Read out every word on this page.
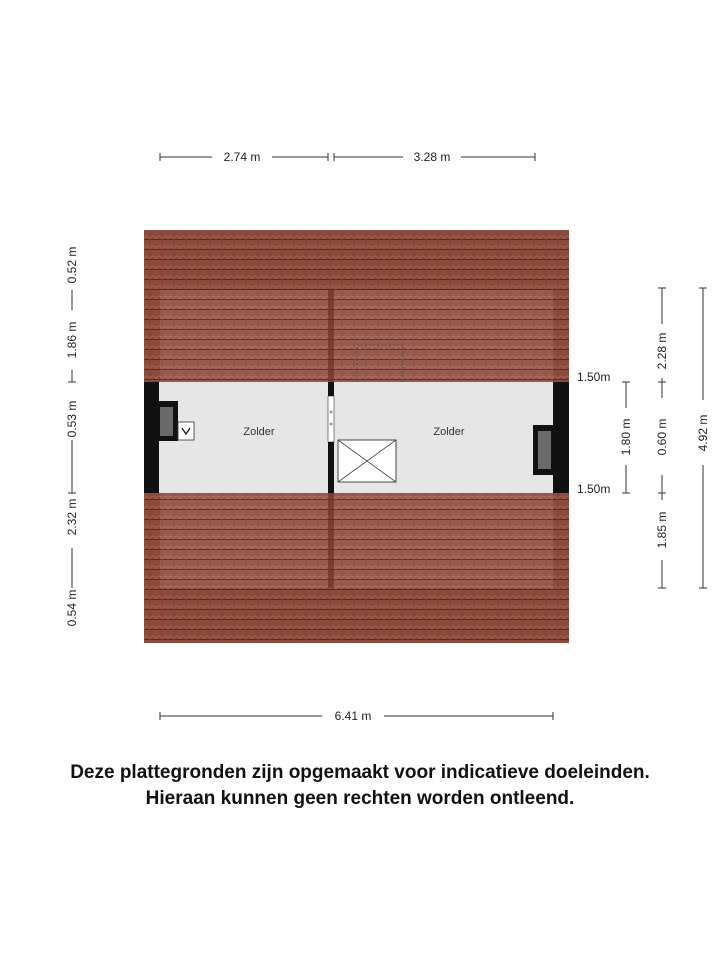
Zolder	Zolder
2.74 m	3.28 m
6.41 m
0.52 m
1.86 m
0.53 m
2.32 m
0.54 m
1.50m
1.50m
1.80 m
2.28 m
0.60 m
1.85 m
4.92 m
Deze plattegronden zijn opgemaakt voor indicatieve doeleinden.
Hieraan kunnen geen rechten worden ontleend.
